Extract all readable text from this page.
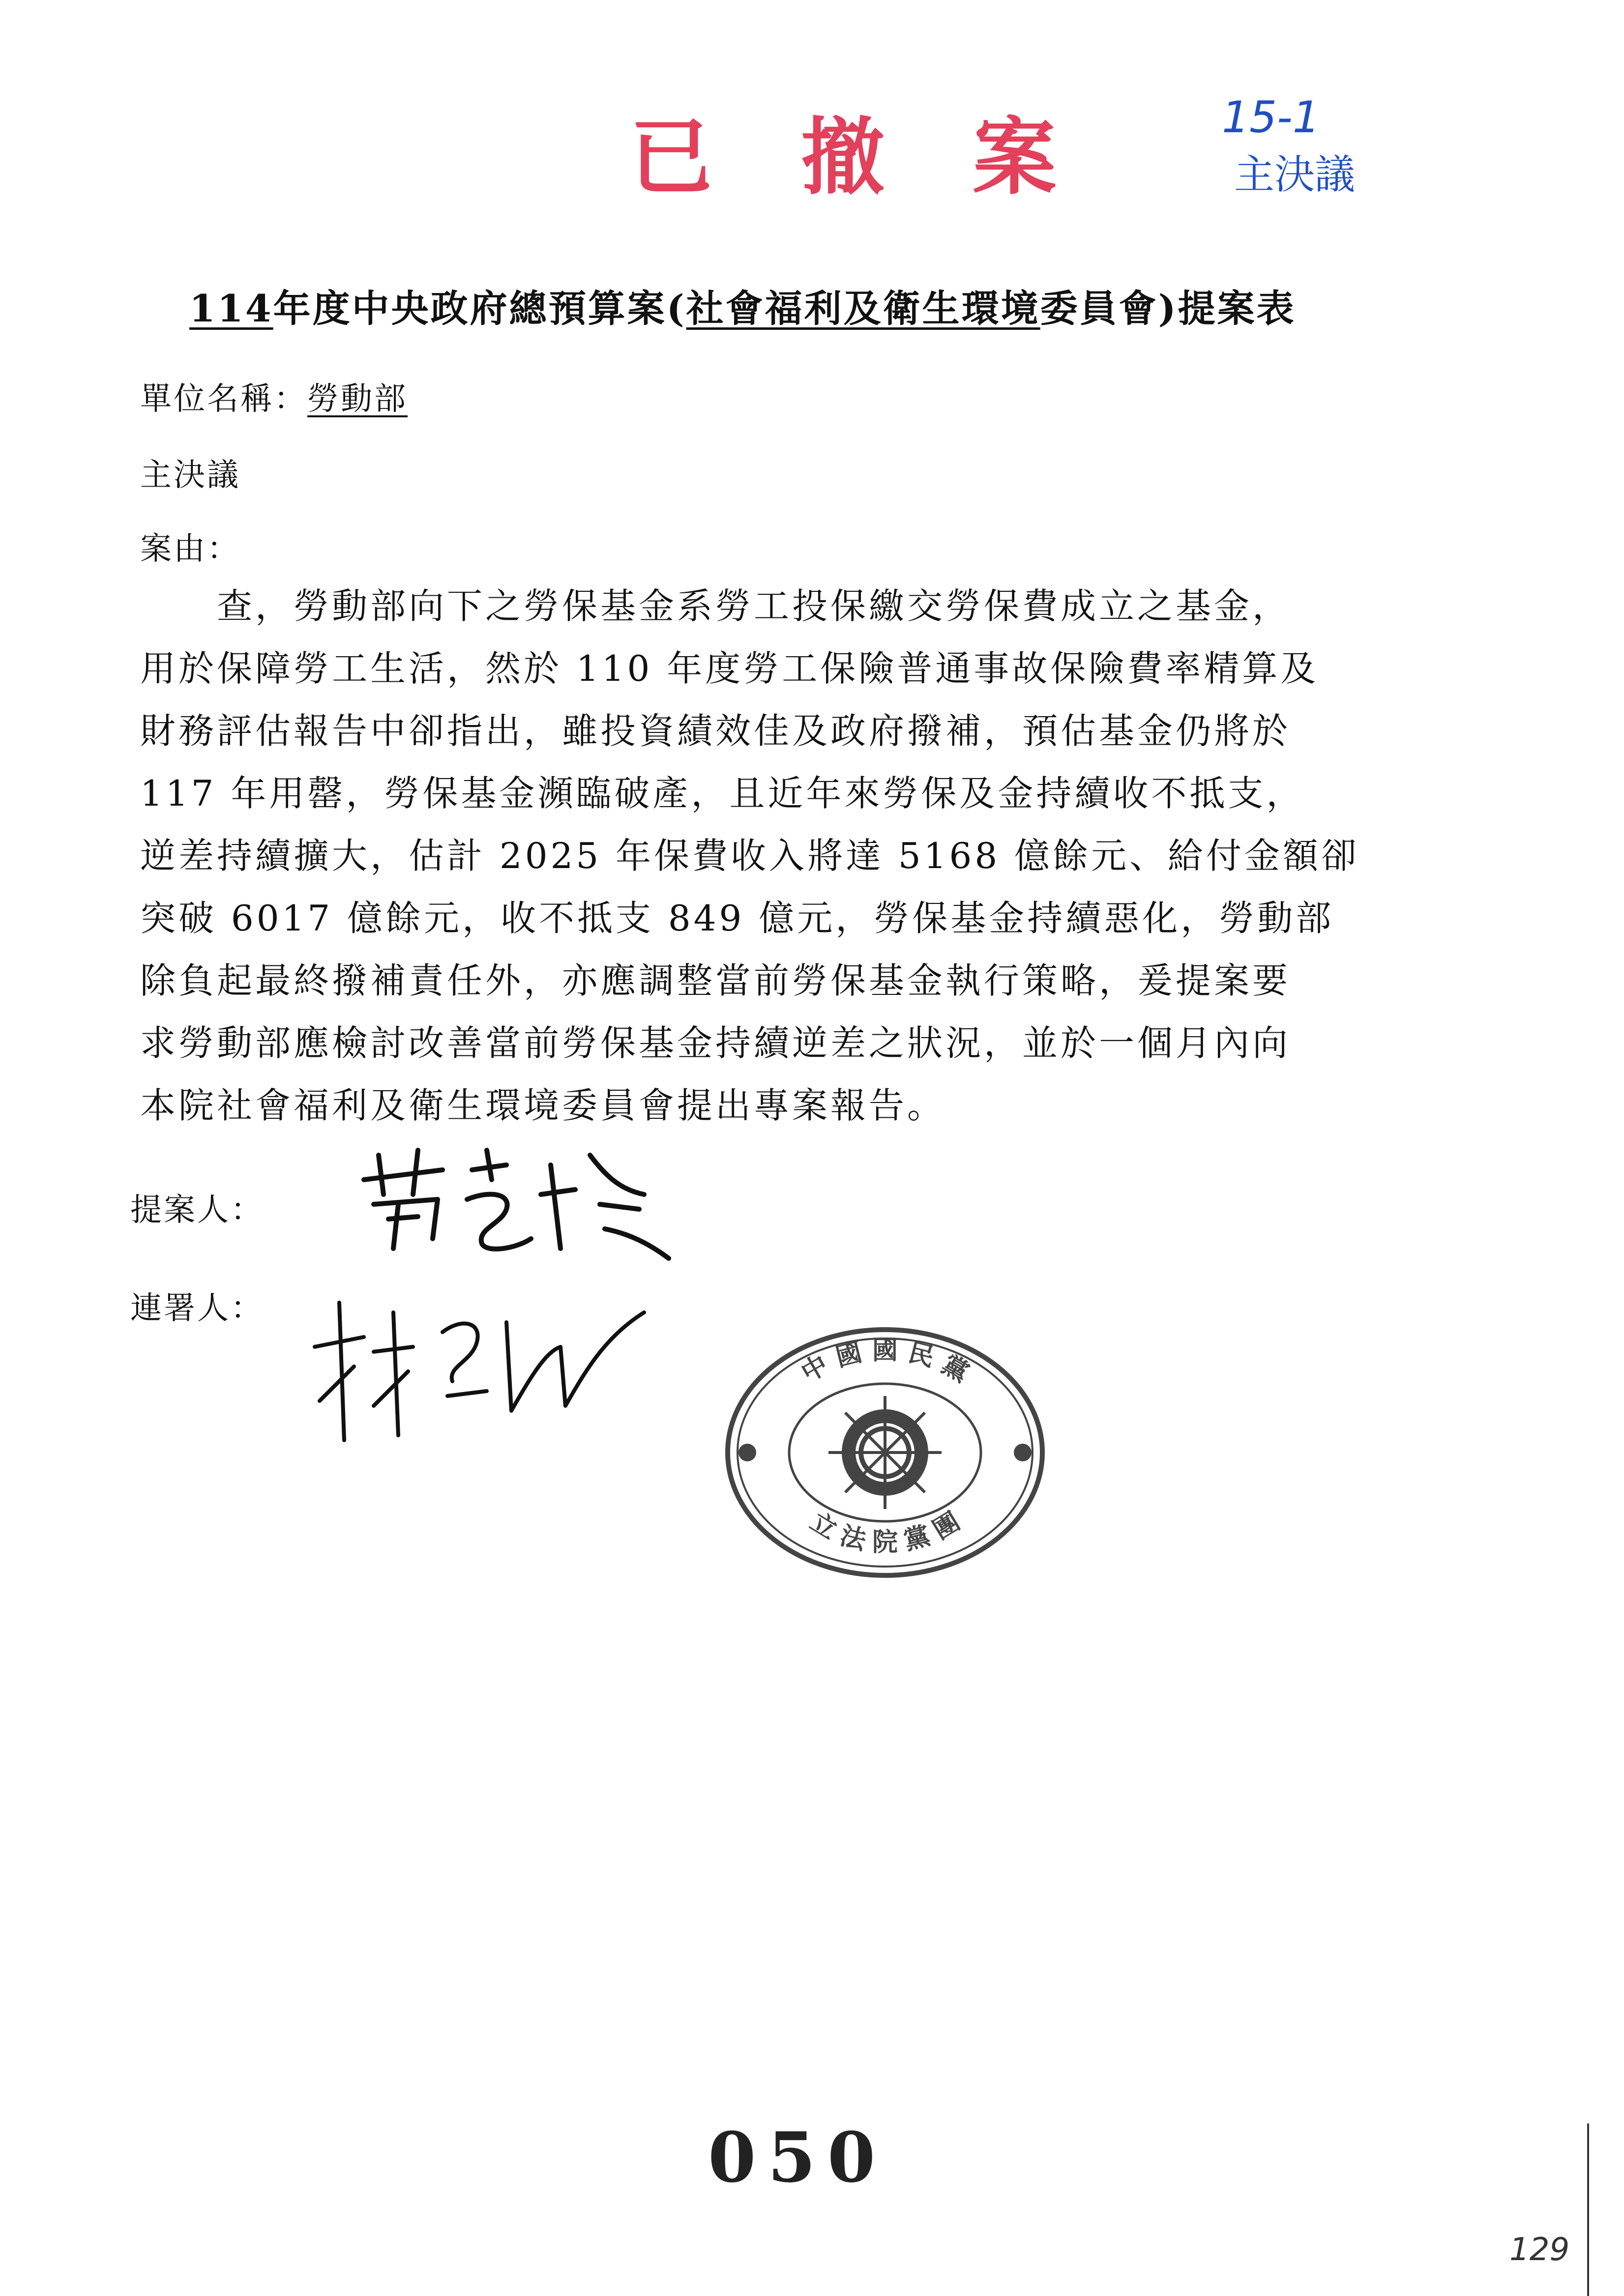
已 撤 案	15-1
主決議
114年度中央政府總預算案(社會福利及衛生環境委員會)提案表
單位名稱：勞動部
主決議
案由：
　　查，勞動部向下之勞保基金系勞工投保繳交勞保費成立之基金，
用於保障勞工生活，然於 110 年度勞工保險普通事故保險費率精算及
財務評估報告中卻指出，雖投資績效佳及政府撥補，預估基金仍將於
117 年用罄，勞保基金瀕臨破產，且近年來勞保及金持續收不抵支，
逆差持續擴大，估計 2025 年保費收入將達 5168 億餘元、給付金額卻
突破 6017 億餘元，收不抵支 849 億元，勞保基金持續惡化，勞動部
除負起最終撥補責任外，亦應調整當前勞保基金執行策略，爰提案要
求勞動部應檢討改善當前勞保基金持續逆差之狀況，並於一個月內向
本院社會福利及衛生環境委員會提出專案報告。
提案人：
連署人：
中 國 國 民 黨
立 法 院 黨 團
050
129
